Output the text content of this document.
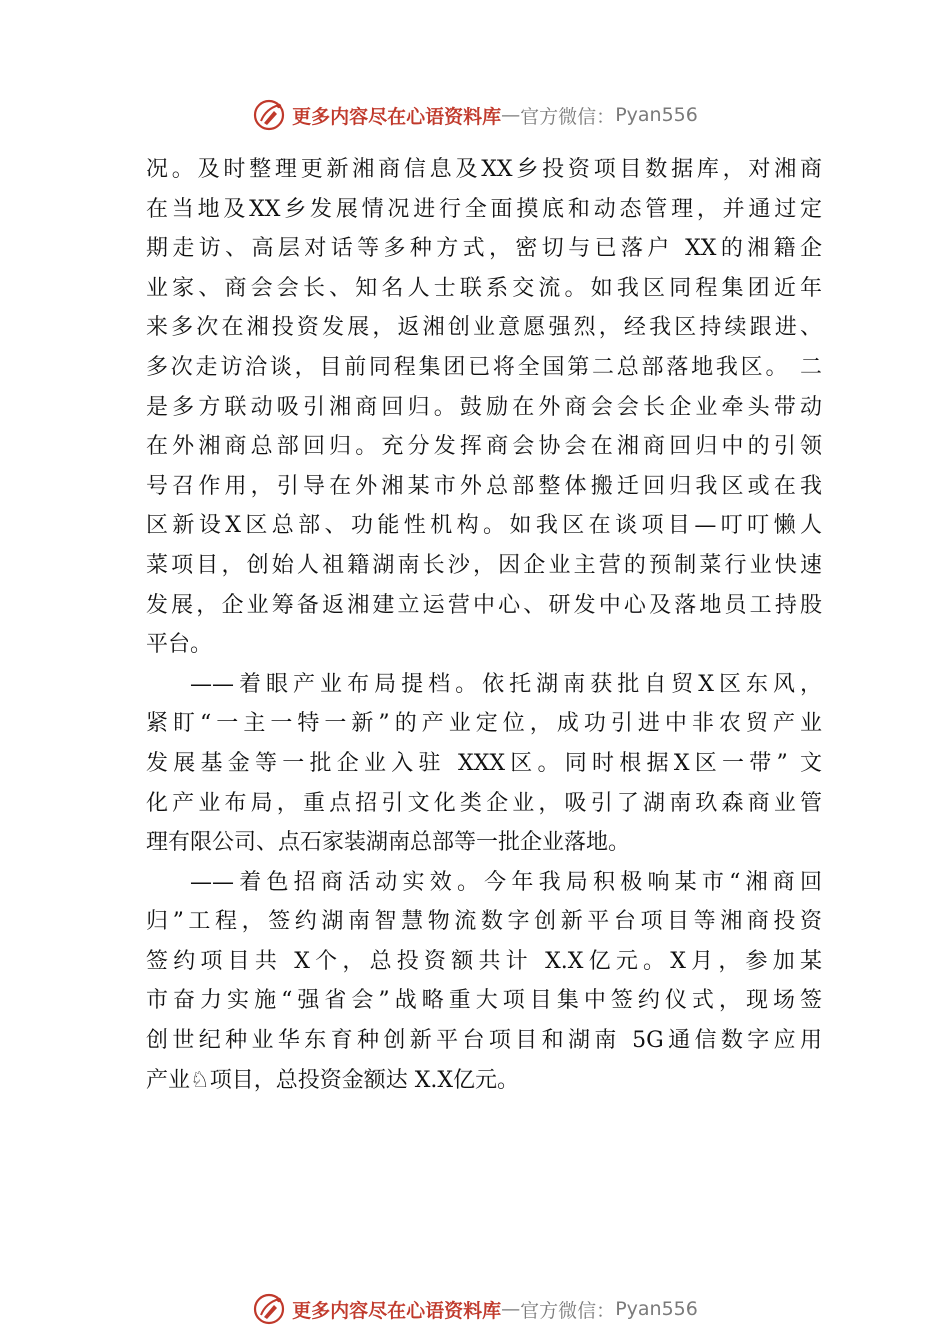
更多内容尽在心语资料库 — 官方微信： Pyan556
况。及时整理更新湘商信息及XX乡投资项目数据库，对湘商
在当地及XX乡发展情况进行全面摸底和动态管理，并通过定
期走访、高层对话等多种方式，密切与已落户 XX的湘籍企
业家、商会会长、知名人士联系交流。如我区同程集团近年
来多次在湘投资发展，返湘创业意愿强烈，经我区持续跟进、
多次走访洽谈，目前同程集团已将全国第二总部落地我区。 二
是多方联动吸引湘商回归。鼓励在外商会会长企业牵头带动
在外湘商总部回归。充分发挥商会协会在湘商回归中的引领
号召作用，引导在外湘某市外总部整体搬迁回归我区或在我
区新设X区总部、功能性机构。如我区在谈项目—叮叮懒人
菜项目，创始人祖籍湖南长沙，因企业主营的预制菜行业快速
发展，企业筹备返湘建立运营中心、研发中心及落地员工持股
平台。
——着眼产业布局提档。依托湖南获批自贸X区东风，
紧盯“一主一特一新”的产业定位，成功引进中非农贸产业
发展基金等一批企业入驻 XXX区。同时根据X区一带” 文
化产业布局，重点招引文化类企业，吸引了湖南玖森商业管
理有限公司、点石家装湖南总部等一批企业落地。
——着色招商活动实效。今年我局积极响某市“湘商回
归”工程，签约湖南智慧物流数字创新平台项目等湘商投资
签约项目共 X个，总投资额共计 X.X亿元。X月，参加某
市奋力实施“强省会”战略重大项目集中签约仪式，现场签
创世纪种业华东育种创新平台项目和湖南 5G通信数字应用
产业♘项目，总投资金额达 X.X亿元。
更多内容尽在心语资料库 — 官方微信： Pyan556
